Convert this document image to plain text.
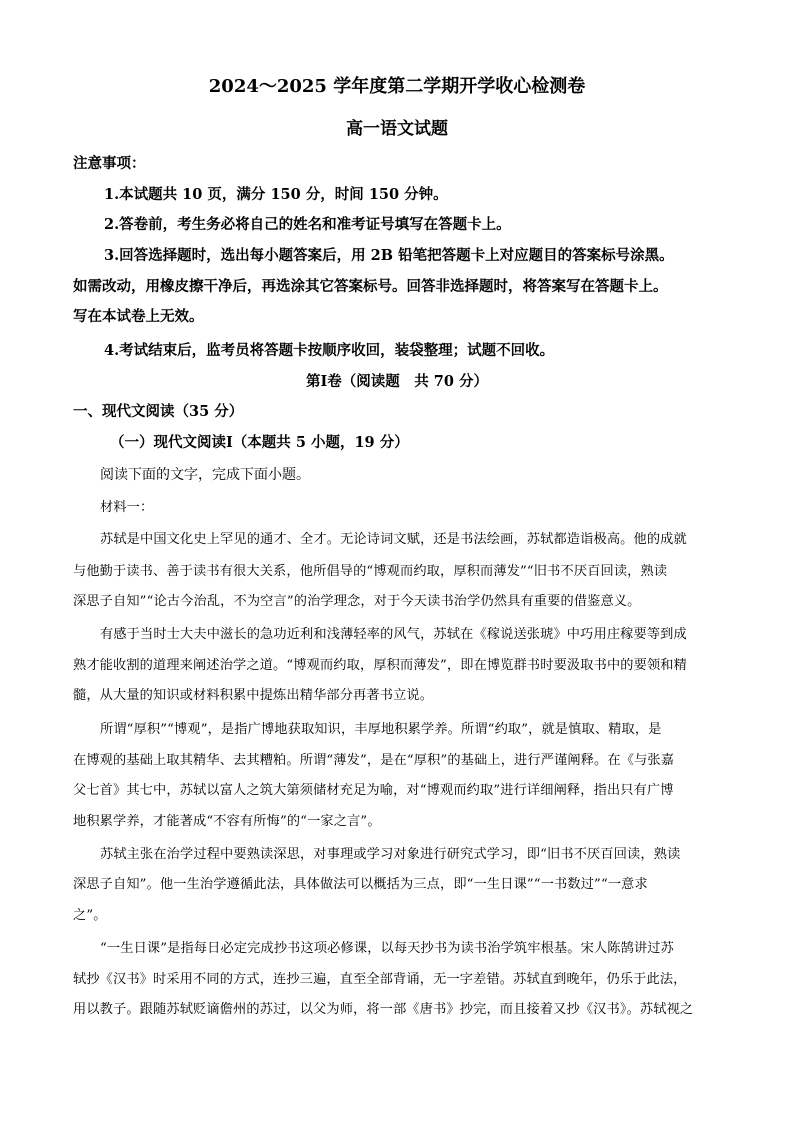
2024～2025 学年度第二学期开学收心检测卷
高一语文试题
注意事项：
1.本试题共 10 页，满分 150 分，时间 150 分钟。
2.答卷前，考生务必将自己的姓名和准考证号填写在答题卡上。
3.回答选择题时，选出每小题答案后，用 2B 铅笔把答题卡上对应题目的答案标号涂黑。
如需改动，用橡皮擦干净后，再选涂其它答案标号。回答非选择题时，将答案写在答题卡上。
写在本试卷上无效。
4.考试结束后，监考员将答题卡按顺序收回，装袋整理；试题不回收。
第Ⅰ卷（阅读题　共 70 分）
一、现代文阅读（35 分）
（一）现代文阅读Ⅰ（本题共 5 小题，19 分）
阅读下面的文字，完成下面小题。
材料一：
苏轼是中国文化史上罕见的通才、全才。无论诗词文赋，还是书法绘画，苏轼都造诣极高。他的成就
与他勤于读书、善于读书有很大关系，他所倡导的“博观而约取，厚积而薄发”“旧书不厌百回读，熟读
深思子自知”“论古今治乱，不为空言”的治学理念，对于今天读书治学仍然具有重要的借鉴意义。
有感于当时士大夫中滋长的急功近利和浅薄轻率的风气，苏轼在《稼说送张琥》中巧用庄稼要等到成
熟才能收割的道理来阐述治学之道。“博观而约取，厚积而薄发”，即在博览群书时要汲取书中的要领和精
髓，从大量的知识或材料积累中提炼出精华部分再著书立说。
所谓“厚积”“博观”，是指广博地获取知识，丰厚地积累学养。所谓“约取”，就是慎取、精取，是
在博观的基础上取其精华、去其糟粕。所谓“薄发”，是在“厚积”的基础上，进行严谨阐释。在《与张嘉
父七首》其七中，苏轼以富人之筑大第须储材充足为喻，对“博观而约取”进行详细阐释，指出只有广博
地积累学养，才能著成“不容有所悔”的“一家之言”。
苏轼主张在治学过程中要熟读深思，对事理或学习对象进行研究式学习，即“旧书不厌百回读，熟读
深思子自知”。他一生治学遵循此法，具体做法可以概括为三点，即“一生日课”“一书数过”“一意求
之”。
“一生日课”是指每日必定完成抄书这项必修课，以每天抄书为读书治学筑牢根基。宋人陈鹄讲过苏
轼抄《汉书》时采用不同的方式，连抄三遍，直至全部背诵，无一字差错。苏轼直到晚年，仍乐于此法，
用以教子。跟随苏轼贬谪儋州的苏过，以父为师，将一部《唐书》抄完，而且接着又抄《汉书》。苏轼视之
